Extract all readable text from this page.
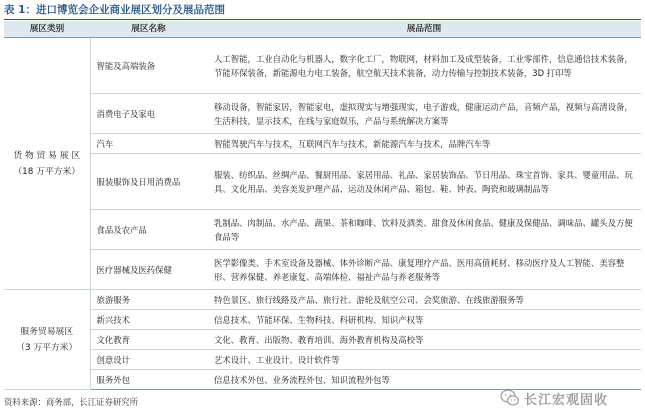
表 1：进口博览会企业商业展区划分及展品范围
展区类别	展区名称	展品范围

货 物 贸 易 展 区
（18 万平方米）	智能及高端装备	人工智能，工业自动化与机器人，数字化工厂，物联网，材料加工及成型装备，工业零部件，信息通信技术装备，节能环保装备，新能源电力电工装备，航空航天技术装备，动力传输与控制技术装备，3D 打印等
	消费电子及家电	移动设备，智能家居，智能家电，虚拟现实与增强现实，电子游戏，健康运动产品，音频产品，视频与高清设备，生活科技，显示技术，在线与家庭娱乐，产品与系统解决方案等
	汽车	智能驾驶汽车与技术，互联网汽车与技术，新能源汽车与技术，品牌汽车等
	服装服饰及日用消费品	服装、纺织品、丝绸产品、餐厨用品、家居用品、礼品、家居装饰品、节日用品、珠宝首饰、家具、婴童用品、玩具、文化用品、美容美发护理产品、运动及休闲产品、箱包、鞋、钟表、陶瓷和玻璃制品等
	食品及农产品	乳制品、肉制品、水产品、蔬果、茶和咖啡、饮料及酒类、甜食及休闲食品、健康及保健品、调味品、罐头及方便食品等
	医疗器械及医药保健	医学影像类、手术室设备及器械、体外诊断产品、康复理疗产品、医用高值耗材、移动医疗及人工智能、美容整形、营养保健、养老康复、高端体检、福祉产品与养老服务等

服务贸易展区
（3 万平方米）	旅游服务	特色景区、旅行线路及产品、旅行社、游轮及航空公司、会奖旅游、在线旅游服务等
	新兴技术	信息技术、节能环保、生物科技、科研机构、知识产权等
	文化教育	文化、教育、出版物、教育培训、海外教育机构及高校等
	创意设计	艺术设计、工业设计、设计软件等
	服务外包	信息技术外包、业务流程外包、知识流程外包等
资料来源：商务部，长江证券研究所	长江宏观固收
